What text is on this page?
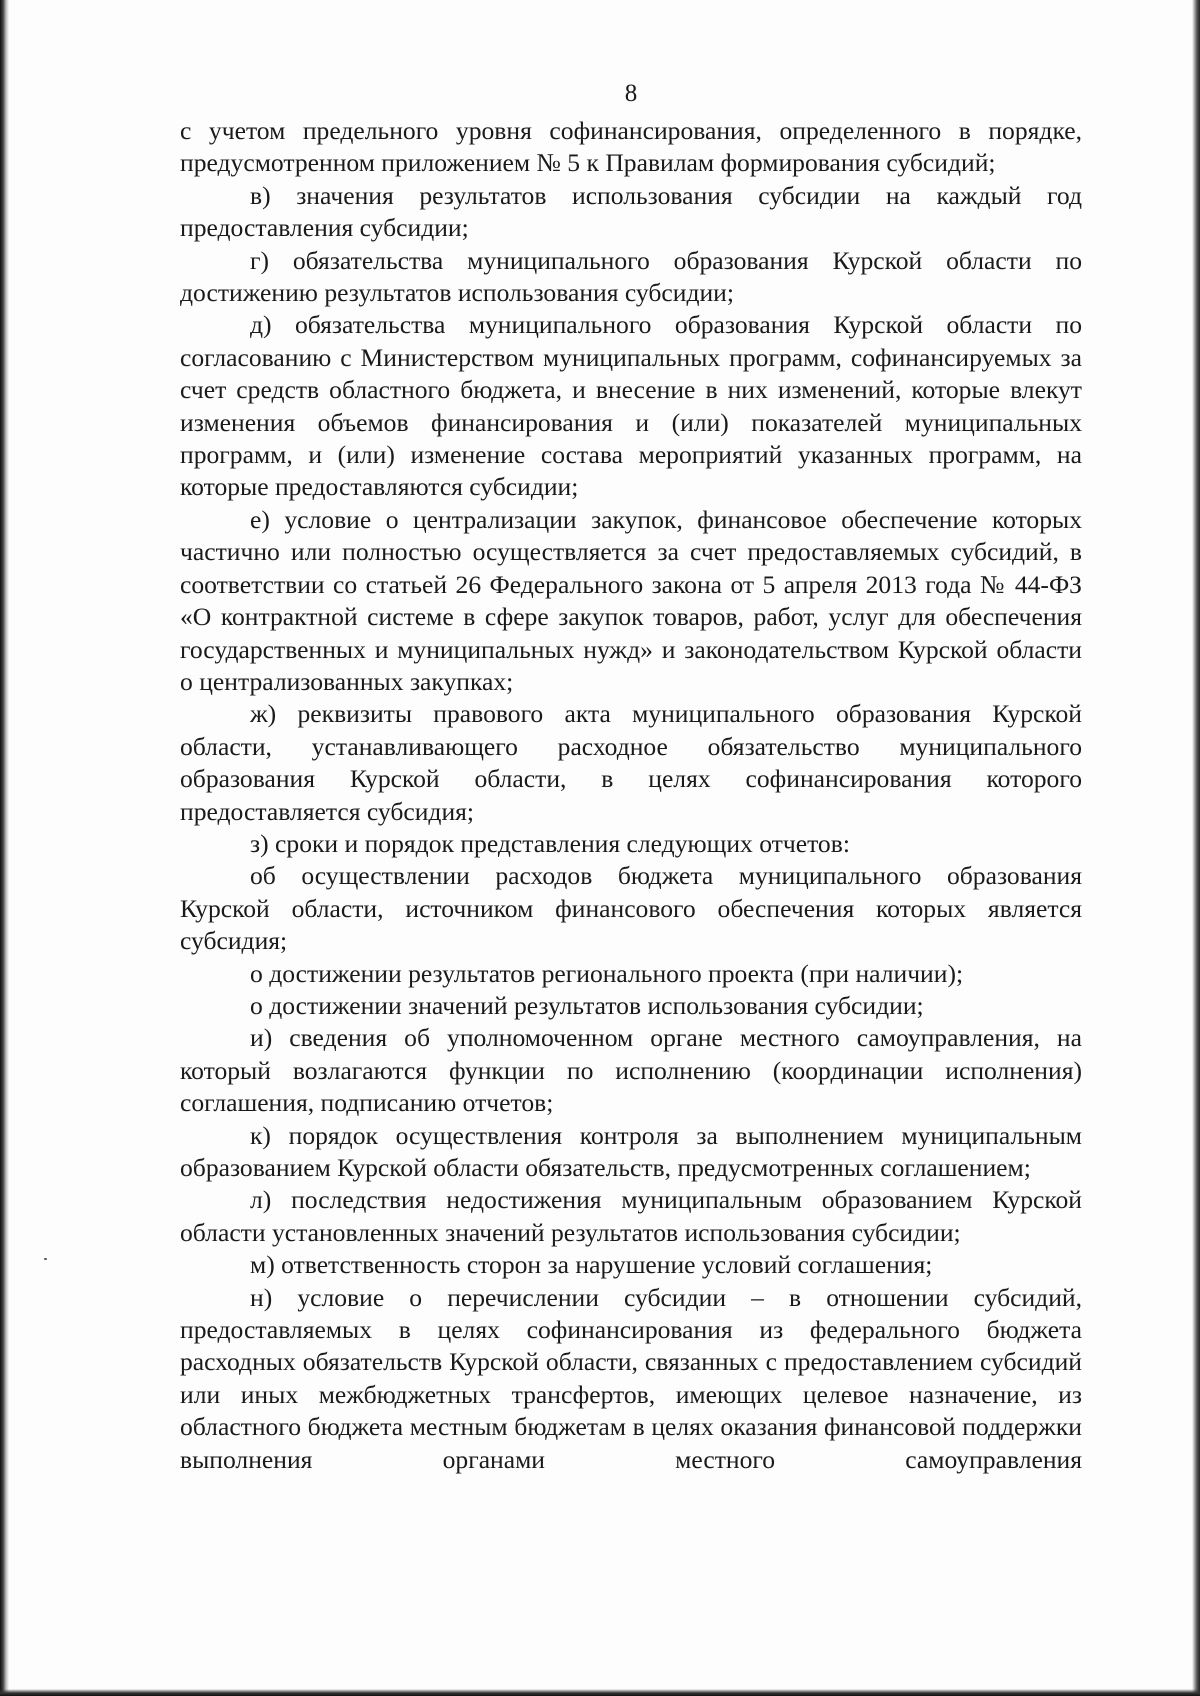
8

с учетом предельного уровня софинансирования, определенного в порядке, предусмотренном приложением № 5 к Правилам формирования субсидий;

в) значения результатов использования субсидии на каждый год предоставления субсидии;

г) обязательства муниципального образования Курской области по достижению результатов использования субсидии;

д) обязательства муниципального образования Курской области по согласованию с Министерством муниципальных программ, софинансируемых за счет средств областного бюджета, и внесение в них изменений, которые влекут изменения объемов финансирования и (или) показателей муниципальных программ, и (или) изменение состава мероприятий указанных программ, на которые предоставляются субсидии;

е) условие о централизации закупок, финансовое обеспечение которых частично или полностью осуществляется за счет предоставляемых субсидий, в соответствии со статьей 26 Федерального закона от 5 апреля 2013 года № 44-ФЗ «О контрактной системе в сфере закупок товаров, работ, услуг для обеспечения государственных и муниципальных нужд» и законодательством Курской области о централизованных закупках;

ж) реквизиты правового акта муниципального образования Курской области, устанавливающего расходное обязательство муниципального образования Курской области, в целях софинансирования которого предоставляется субсидия;

з) сроки и порядок представления следующих отчетов:

об осуществлении расходов бюджета муниципального образования Курской области, источником финансового обеспечения которых является субсидия;

о достижении результатов регионального проекта (при наличии);

о достижении значений результатов использования субсидии;

и) сведения об уполномоченном органе местного самоуправления, на который возлагаются функции по исполнению (координации исполнения) соглашения, подписанию отчетов;

к) порядок осуществления контроля за выполнением муниципальным образованием Курской области обязательств, предусмотренных соглашением;

л) последствия недостижения муниципальным образованием Курской области установленных значений результатов использования субсидии;

м) ответственность сторон за нарушение условий соглашения;

н) условие о перечислении субсидии – в отношении субсидий, предоставляемых в целях софинансирования из федерального бюджета расходных обязательств Курской области, связанных с предоставлением субсидий или иных межбюджетных трансфертов, имеющих целевое назначение, из областного бюджета местным бюджетам в целях оказания финансовой поддержки выполнения органами местного самоуправления
